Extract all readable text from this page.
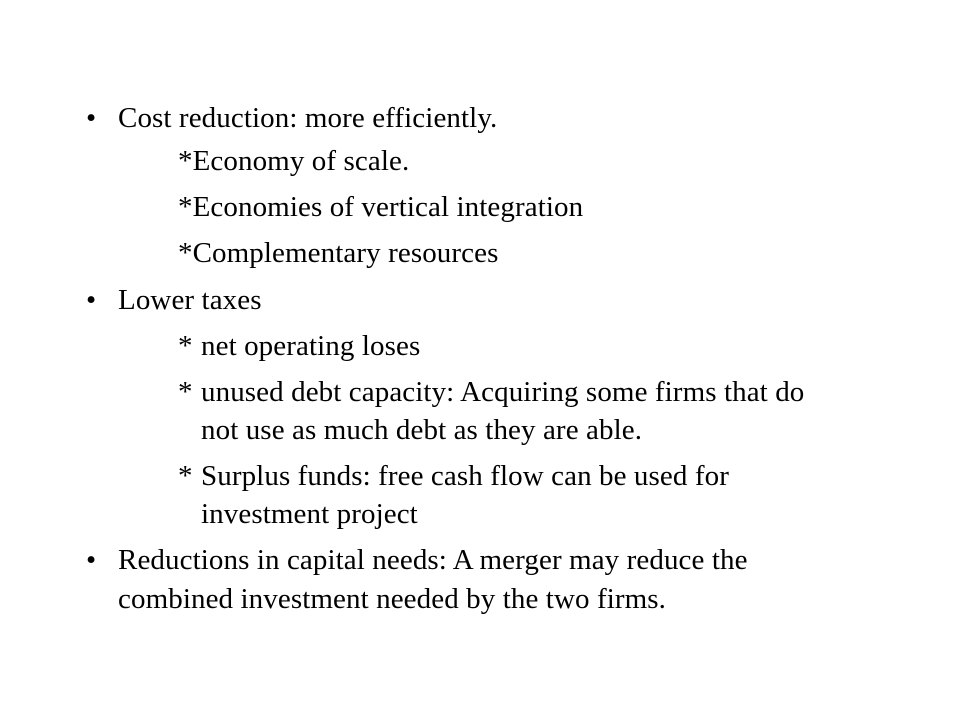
• Cost reduction: more efficiently.
*Economy of scale.
*Economies of vertical integration
*Complementary resources
• Lower taxes
* net operating loses
* unused debt capacity: Acquiring some firms that do
not use as much debt as they are able.
* Surplus funds: free cash flow can be used for
investment project
• Reductions in capital needs: A merger may reduce the
combined investment needed by the two firms.
